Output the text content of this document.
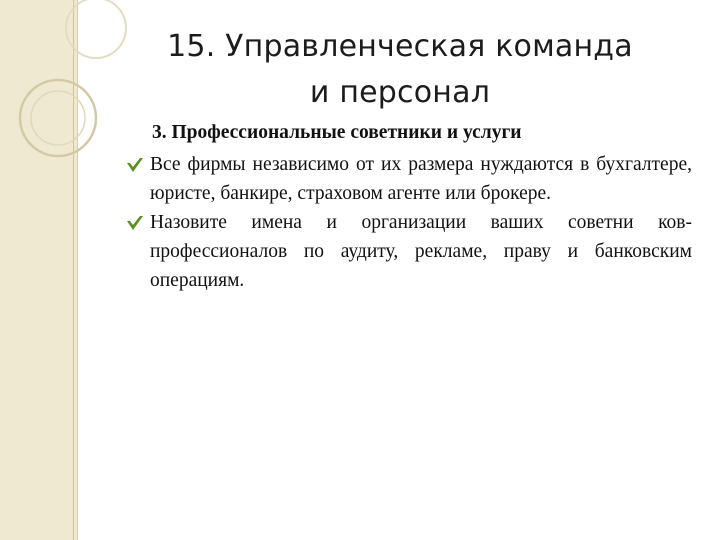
15. Управленческая команда
и персонал
3. Профессиональные советники и услуги

Все фирмы независимо от их размера нуждаются в бухгалтере, юристе, банкире, страховом агенте или брокере.

Назовите имена и организации ваших советни ков- профессионалов по аудиту, рекламе, праву и банковским операциям.
